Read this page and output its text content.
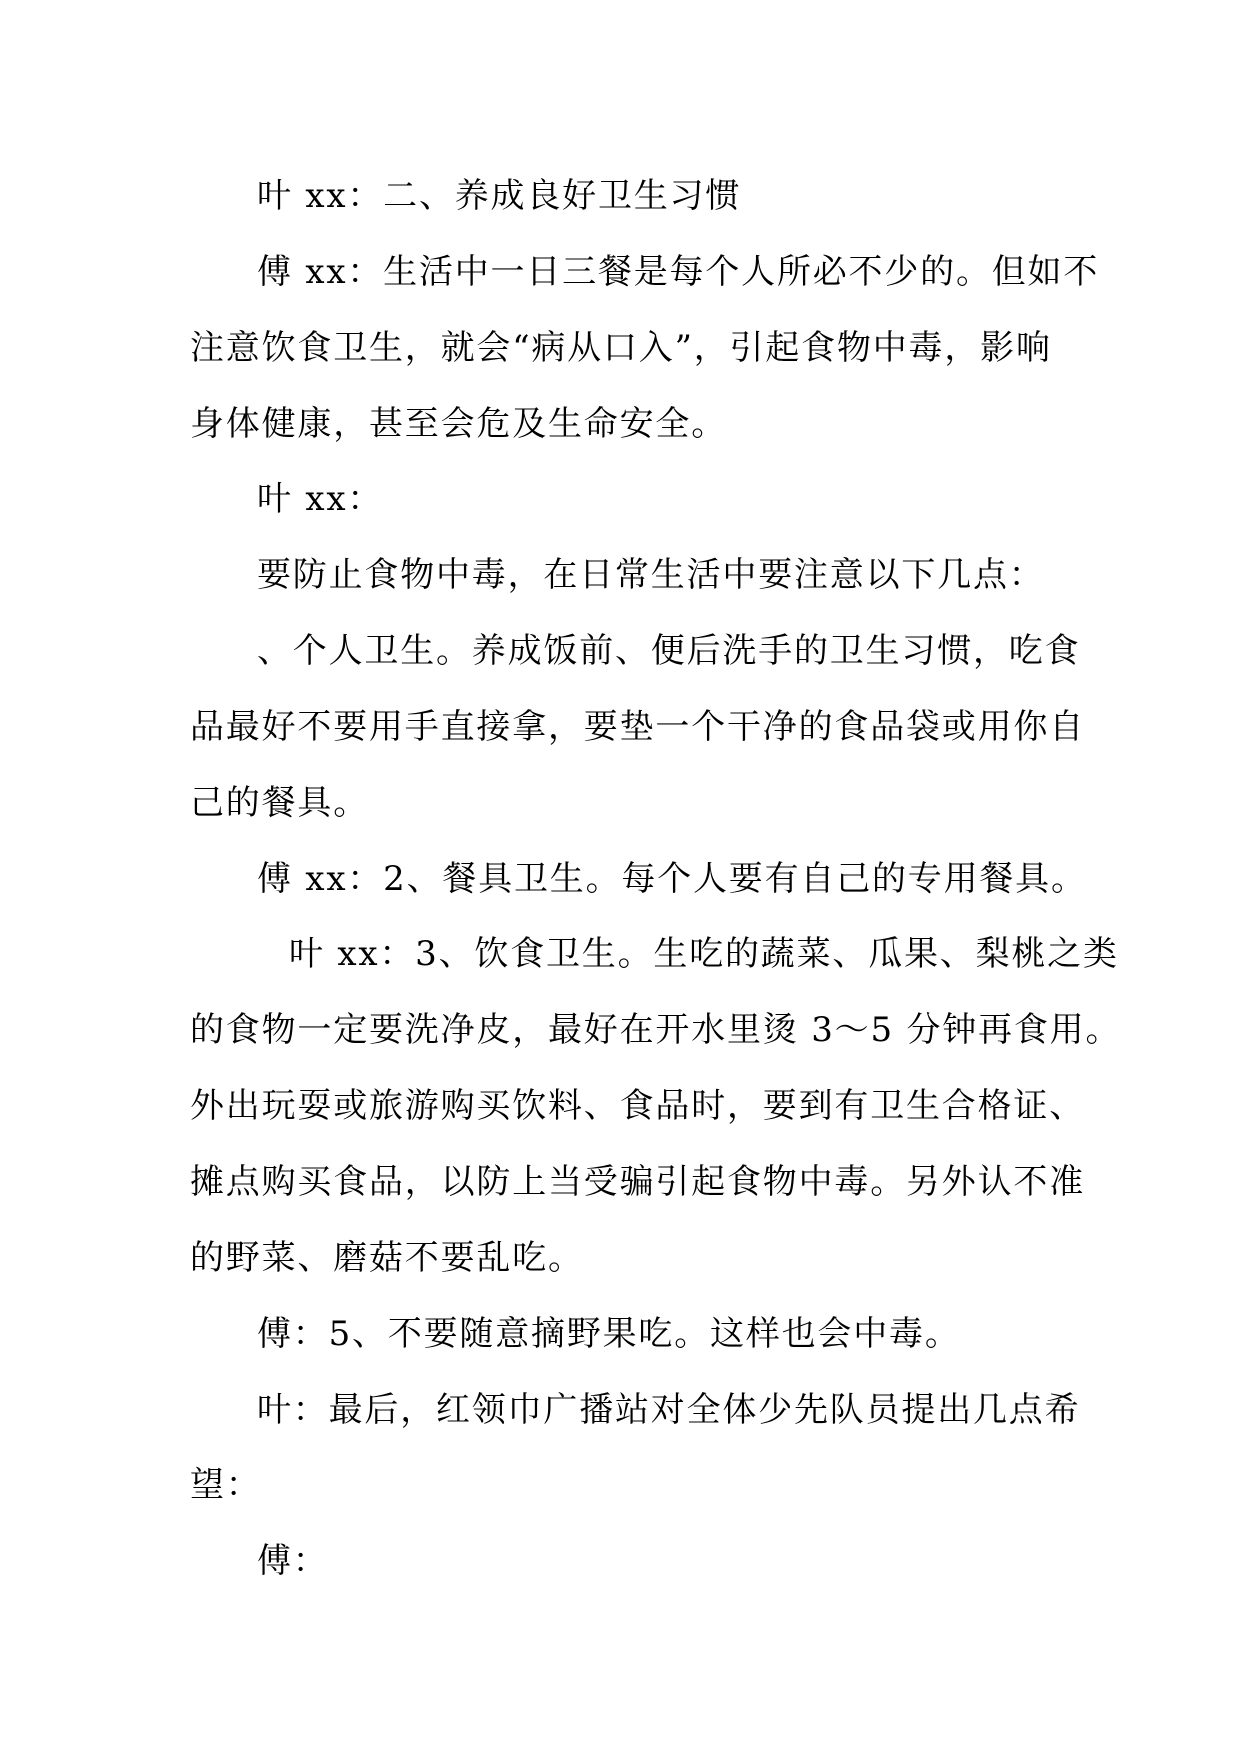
叶 xx：二、养成良好卫生习惯
傅 xx：生活中一日三餐是每个人所必不少的。但如不
注意饮食卫生，就会“病从口入”，引起食物中毒，影响
身体健康，甚至会危及生命安全。
叶 xx：
要防止食物中毒，在日常生活中要注意以下几点：
、个人卫生。养成饭前、便后洗手的卫生习惯，吃食
品最好不要用手直接拿，要垫一个干净的食品袋或用你自
己的餐具。
傅 xx：2、餐具卫生。每个人要有自己的专用餐具。
叶 xx：3、饮食卫生。生吃的蔬菜、瓜果、梨桃之类
的食物一定要洗净皮，最好在开水里烫 3～5 分钟再食用。
外出玩耍或旅游购买饮料、食品时，要到有卫生合格证、
摊点购买食品，以防上当受骗引起食物中毒。另外认不准
的野菜、磨菇不要乱吃。
傅：5、不要随意摘野果吃。这样也会中毒。
叶：最后，红领巾广播站对全体少先队员提出几点希
望：
傅：
